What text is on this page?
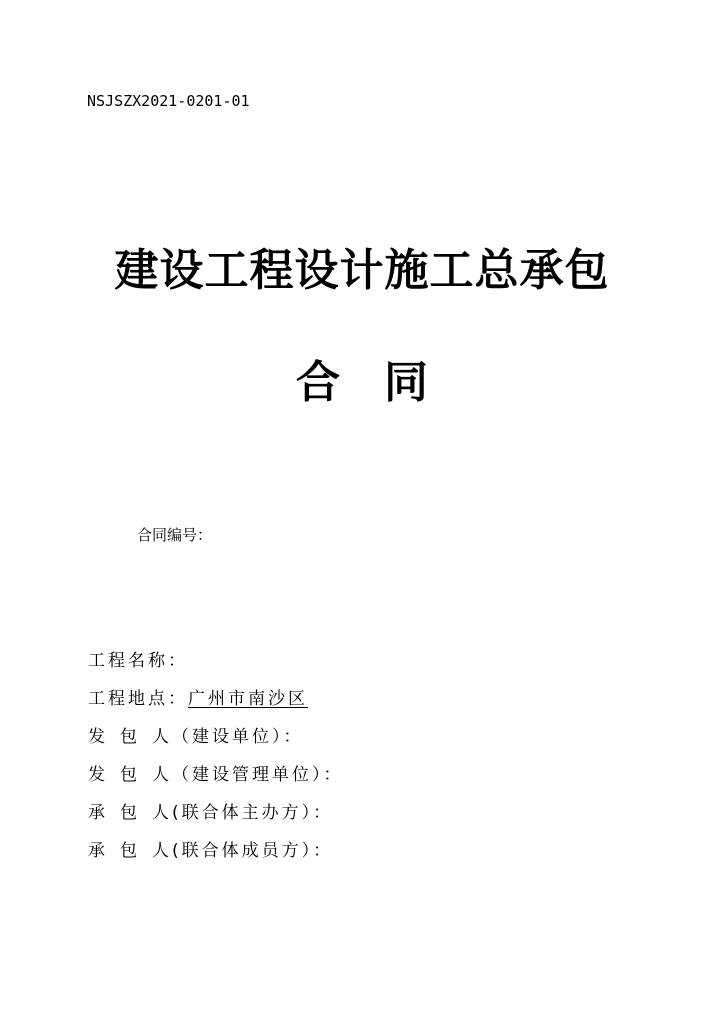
NSJSZX2021-0201-01
建设工程设计施工总承包
合 同
合同编号：
工程名称：
工程地点：广州市南沙区
发 包 人（建设单位）：
发 包 人（建设管理单位）：
承 包 人(联合体主办方）：
承 包 人(联合体成员方）：
